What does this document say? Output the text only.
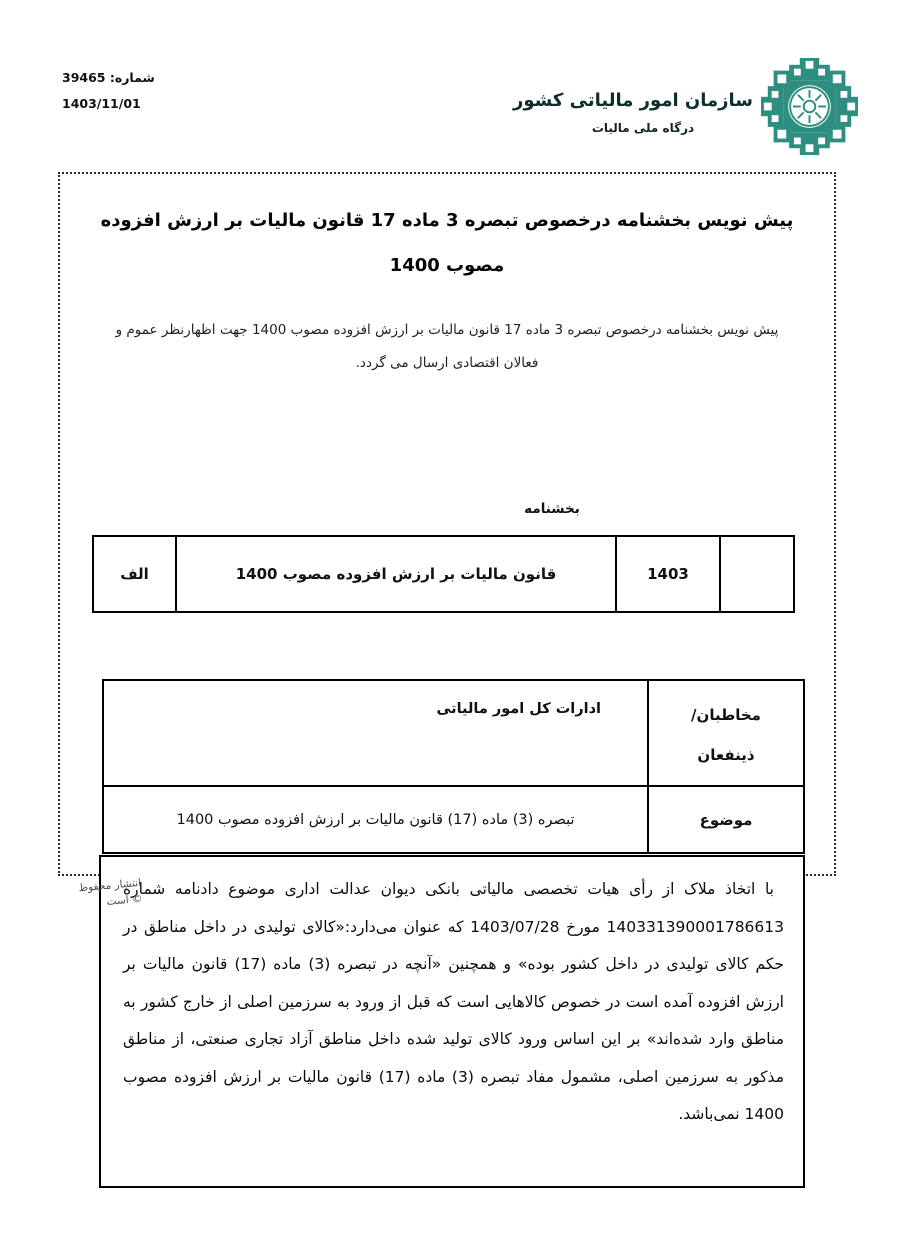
شماره: 39465
1403/11/01	سازمان امور مالیاتی کشور
درگاه ملی مالیات
پیش نویس بخشنامه درخصوص تبصره 3 ماده 17 قانون مالیات بر ارزش افزوده
مصوب 1400
پیش نویس بخشنامه درخصوص تبصره 3 ماده 17 قانون مالیات بر ارزش افزوده مصوب 1400 جهت اظهارنظر عموم و
فعالان اقتصادی ارسال می گردد.
بخشنامه
الف	قانون مالیات بر ارزش افزوده مصوب 1400	1403
ادارات کل امور مالیاتی	مخاطبان/ ذینفعان
تبصره (3) ماده (17) قانون مالیات بر ارزش افزوده مصوب 1400	موضوع

با اتخاذ ملاک از رأی هیات تخصصی مالیاتی بانکی دیوان عدالت اداری موضوع دادنامه شماره 140331390001786613 مورخ 1403/07/28 که عنوان می‌دارد:«کالای تولیدی در داخل مناطق در حکم کالای تولیدی در داخل کشور بوده» و همچنین «آنچه در تبصره (3) ماده (17) قانون مالیات بر ارزش افزوده آمده است در خصوص کالاهایی است که قبل از ورود به سرزمین اصلی از خارج کشور به مناطق وارد شده‌اند» بر این اساس ورود کالای تولید شده داخل مناطق آزاد تجاری صنعتی، از مناطق مذکور به سرزمین اصلی، مشمول مفاد تبصره (3) ماده (17) قانون مالیات بر ارزش افزوده مصوب 1400 نمی‌باشد.

انتشار محفوظ
© است
